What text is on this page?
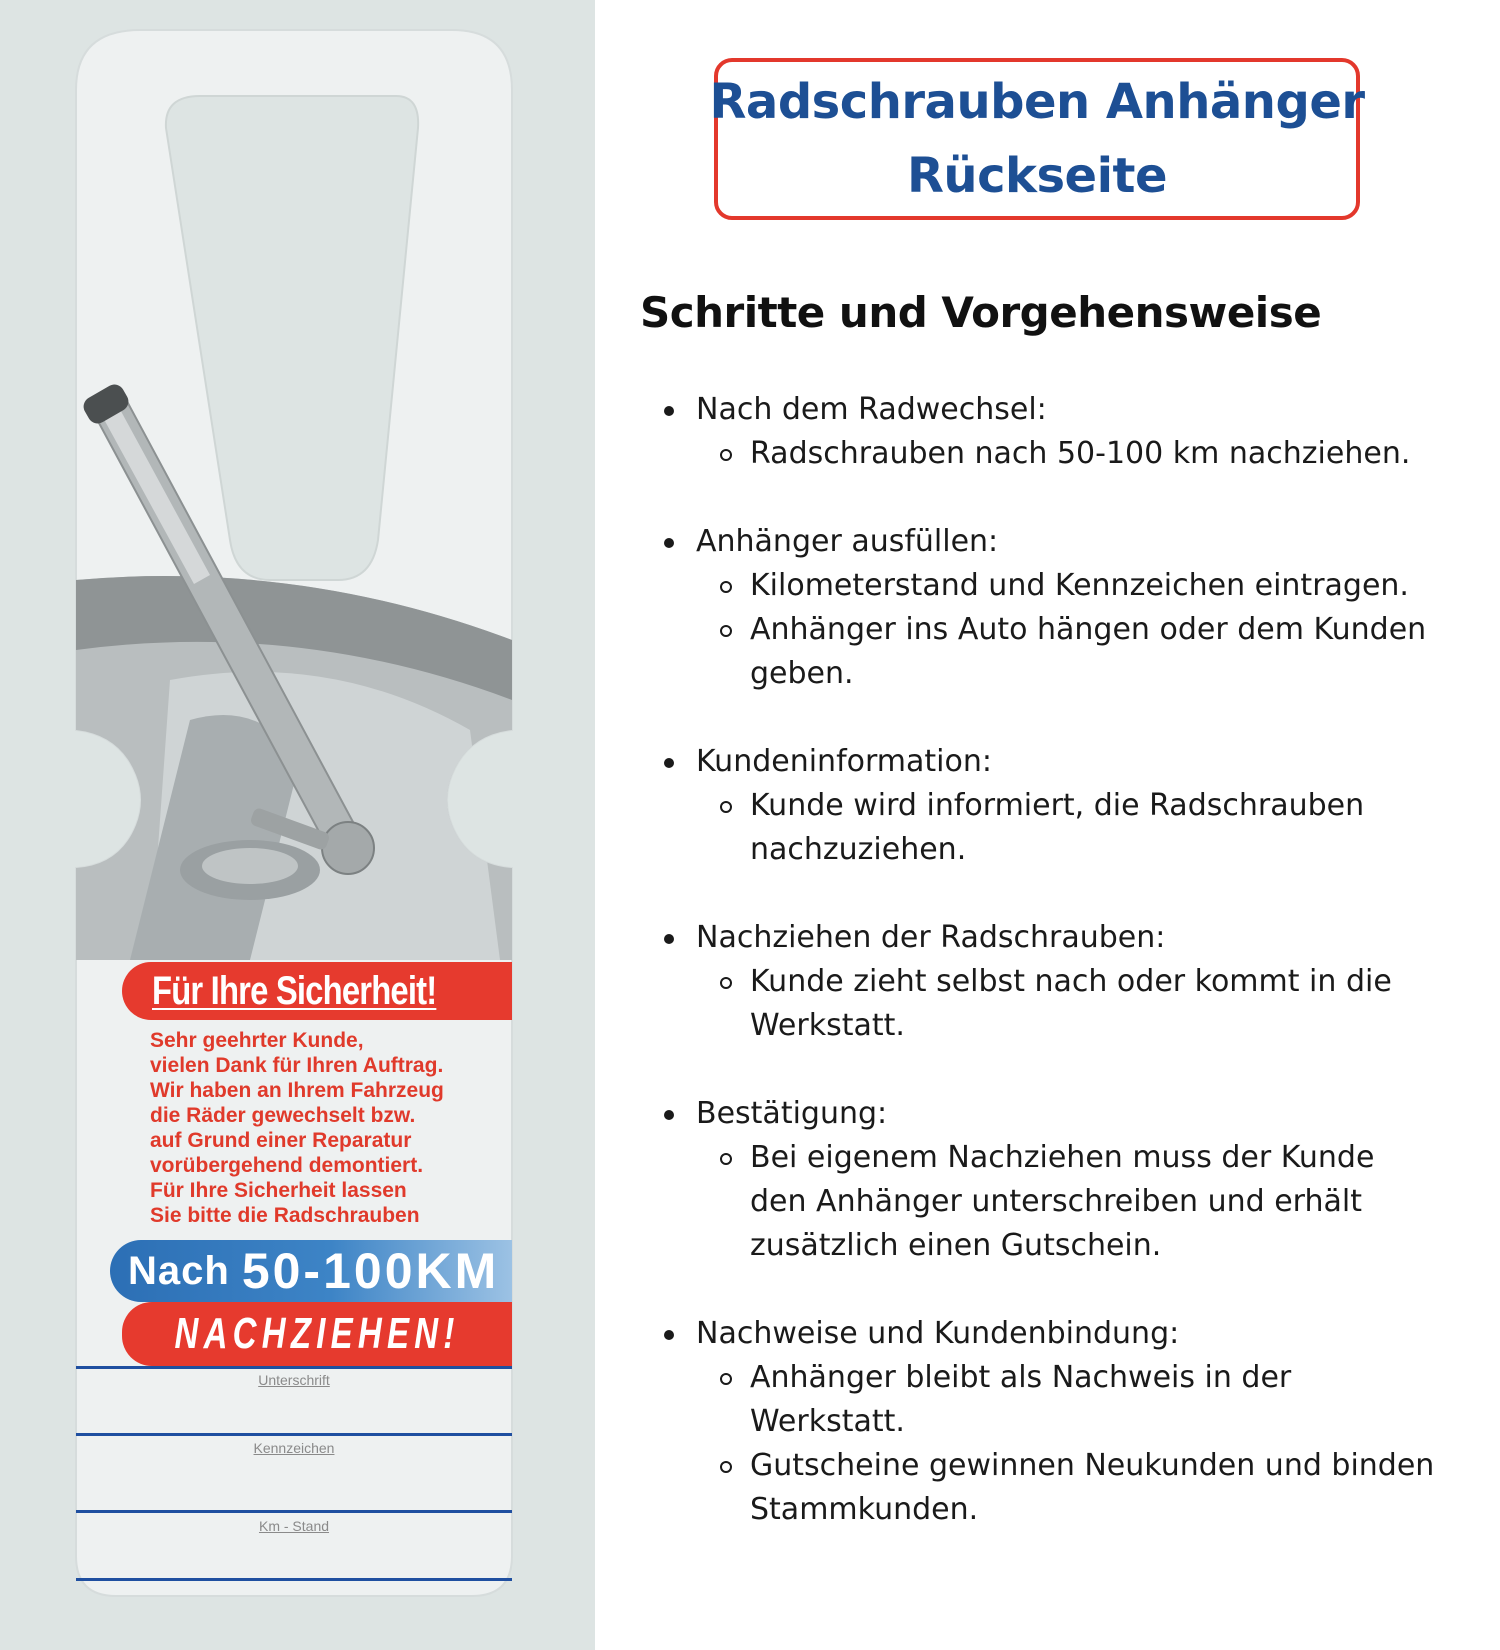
Für Ihre Sicherheit!
Sehr geehrter Kunde,
vielen Dank für Ihren Auftrag.
Wir haben an Ihrem Fahrzeug
die Räder gewechselt bzw.
auf Grund einer Reparatur
vorübergehend demontiert.
Für Ihre Sicherheit lassen
Sie bitte die Radschrauben
Nach 50-100KM
NACHZIEHEN!
Unterschrift
Kennzeichen
Km - Stand
Radschrauben Anhänger
Rückseite
Schritte und Vorgehensweise
Nach dem Radwechsel:
Radschrauben nach 50-100 km nachziehen.
Anhänger ausfüllen:
Kilometerstand und Kennzeichen eintragen.
Anhänger ins Auto hängen oder dem Kunden geben.
Kundeninformation:
Kunde wird informiert, die Radschrauben nachzuziehen.
Nachziehen der Radschrauben:
Kunde zieht selbst nach oder kommt in die Werkstatt.
Bestätigung:
Bei eigenem Nachziehen muss der Kunde den Anhänger unterschreiben und erhält zusätzlich einen Gutschein.
Nachweise und Kundenbindung:
Anhänger bleibt als Nachweis in der Werkstatt.
Gutscheine gewinnen Neukunden und binden Stammkunden.
